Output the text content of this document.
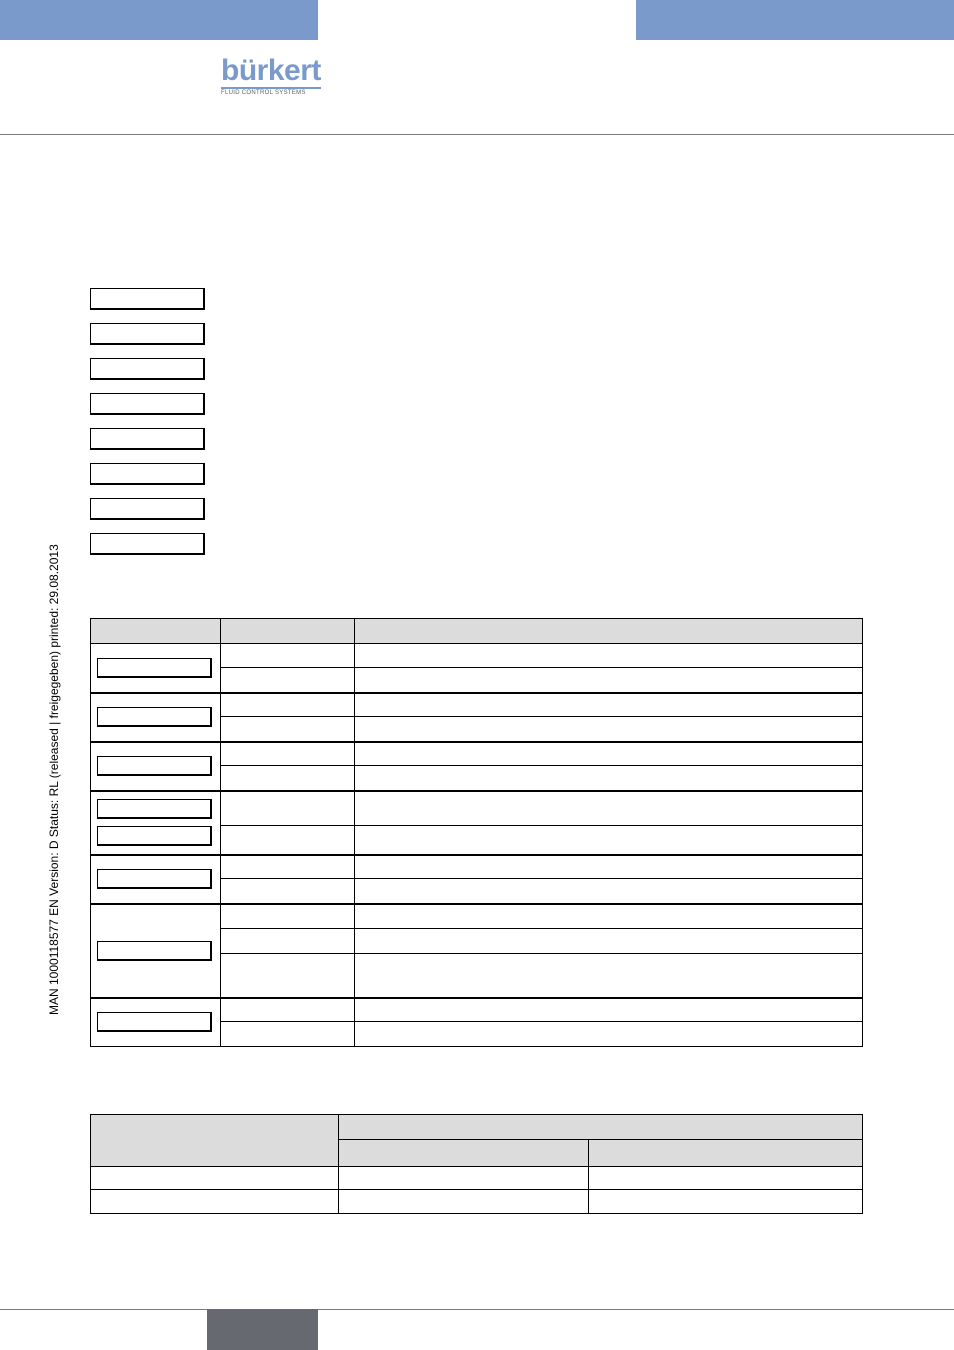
bürkert
FLUID CONTROL SYSTEMS
MAN 1000118577 EN Version: D Status: RL (released | freigegeben) printed: 29.08.2013
